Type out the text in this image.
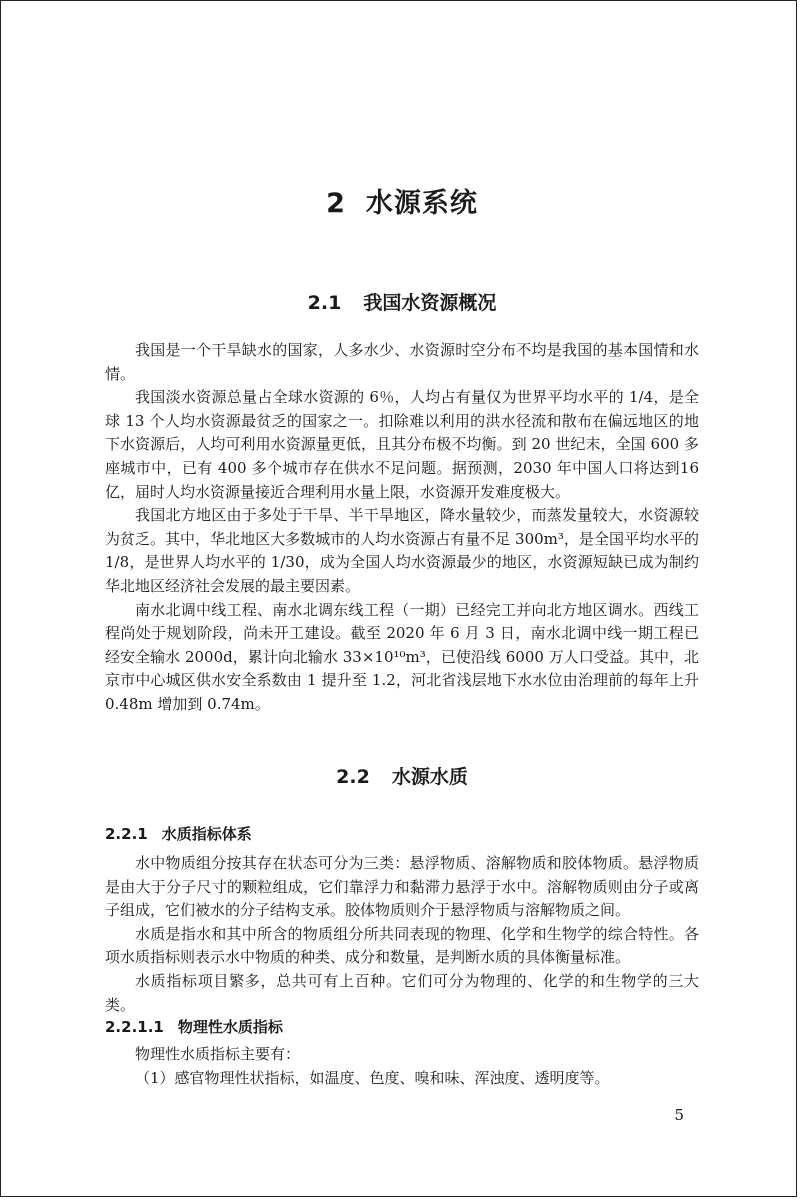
2 水源系统
2.1 我国水资源概况

我国是一个干旱缺水的国家，人多水少、水资源时空分布不均是我国的基本国情和水情。

我国淡水资源总量占全球水资源的 6％，人均占有量仅为世界平均水平的 1/4，是全球 13 个人均水资源最贫乏的国家之一。扣除难以利用的洪水径流和散布在偏远地区的地下水资源后，人均可利用水资源量更低，且其分布极不均衡。到 20 世纪末，全国 600 多座城市中，已有 400 多个城市存在供水不足问题。据预测，2030 年中国人口将达到16 亿，届时人均水资源量接近合理利用水量上限，水资源开发难度极大。

我国北方地区由于多处于干旱、半干旱地区，降水量较少，而蒸发量较大，水资源较为贫乏。其中，华北地区大多数城市的人均水资源占有量不足 300m³，是全国平均水平的 1/8，是世界人均水平的 1/30，成为全国人均水资源最少的地区，水资源短缺已成为制约华北地区经济社会发展的最主要因素。

南水北调中线工程、南水北调东线工程（一期）已经完工并向北方地区调水。西线工程尚处于规划阶段，尚未开工建设。截至 2020 年 6 月 3 日，南水北调中线一期工程已经安全输水 2000d，累计向北输水 33×10¹⁰m³，已使沿线 6000 万人口受益。其中，北京市中心城区供水安全系数由 1 提升至 1.2，河北省浅层地下水水位由治理前的每年上升 0.48m 增加到 0.74m。

2.2 水源水质
2.2.1 水质指标体系

水中物质组分按其存在状态可分为三类：悬浮物质、溶解物质和胶体物质。悬浮物质是由大于分子尺寸的颗粒组成，它们靠浮力和黏滞力悬浮于水中。溶解物质则由分子或离子组成，它们被水的分子结构支承。胶体物质则介于悬浮物质与溶解物质之间。

水质是指水和其中所含的物质组分所共同表现的物理、化学和生物学的综合特性。各项水质指标则表示水中物质的种类、成分和数量，是判断水质的具体衡量标准。

水质指标项目繁多，总共可有上百种。它们可分为物理的、化学的和生物学的三大类。

2.2.1.1 物理性水质指标

物理性水质指标主要有：

（1）感官物理性状指标，如温度、色度、嗅和味、浑浊度、透明度等。

5
